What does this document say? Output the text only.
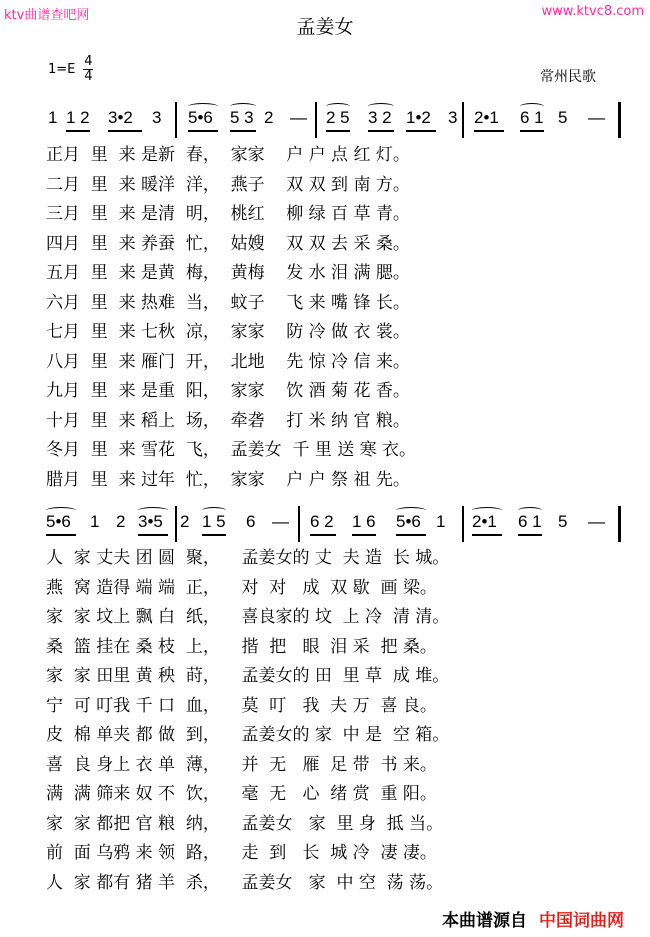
ktv曲谱查吧网	www.ktvc8.com
孟姜女
$1=E \frac{4}{4}$	常州民歌
1 1 2 3•2 3 5•6 5 3 2 — 2 5 3 2 1•2 3 2•1 6 1 5 —
正月  里  来 是新  春，  家家    户 户 点 红 灯。
二月  里  来 暖洋  洋，  燕子    双 双 到 南 方。
三月  里  来 是清  明，  桃红    柳 绿 百 草 青。
四月  里  来 养蚕  忙，  姑嫂    双 双 去 采 桑。
五月  里  来 是黄  梅，  黄梅    发 水 泪 满 腮。
六月  里  来 热难  当，  蚊子    飞 来 嘴 锋 长。
七月  里  来 七秋  凉，  家家    防 冷 做 衣 裳。
八月  里  来 雁门  开，  北地    先 惊 冷 信 来。
九月  里  来 是重  阳，  家家    饮 酒 菊 花 香。
十月  里  来 稻上  场，  牵砻    打 米 纳 官 粮。
冬月  里  来 雪花  飞，  孟姜女  千 里 送 寒 衣。
腊月  里  来 过年  忙，  家家    户 户 祭 祖 先。
5•6 1 2 3•5 2 1 5 6 — 6 2 1 6 5•6 1 2•1 6 1 5 —
人  家 丈夫 团 圆  聚，    孟姜女的 丈  夫 造  长 城。
燕  窝 造得 端 端  正，    对  对   成  双 歇  画 梁。
家  家 坟上 飘 白  纸，    喜良家的 坟  上 冷  清 清。
桑  篮 挂在 桑 枝  上，    揩  把   眼  泪 采  把 桑。
家  家 田里 黄 秧  莳，    孟姜女的 田  里 草  成 堆。
宁  可 叮我 千 口  血，    莫  叮   我  夫 万  喜 良。
皮  棉 单夹 都 做  到，    孟姜女的 家  中 是  空 箱。
喜  良 身上 衣 单  薄，    并  无   雁  足 带  书 来。
满  满 筛来 奴 不  饮，    毫  无   心  绪 赏  重 阳。
家  家 都把 官 粮  纳，    孟姜女   家  里 身  抵 当。
前  面 乌鸦 来 领  路，    走  到   长  城 冷  凄 凄。
人  家 都有 猪 羊  杀，    孟姜女   家  中 空  荡 荡。
本曲谱源自 中国词曲网
